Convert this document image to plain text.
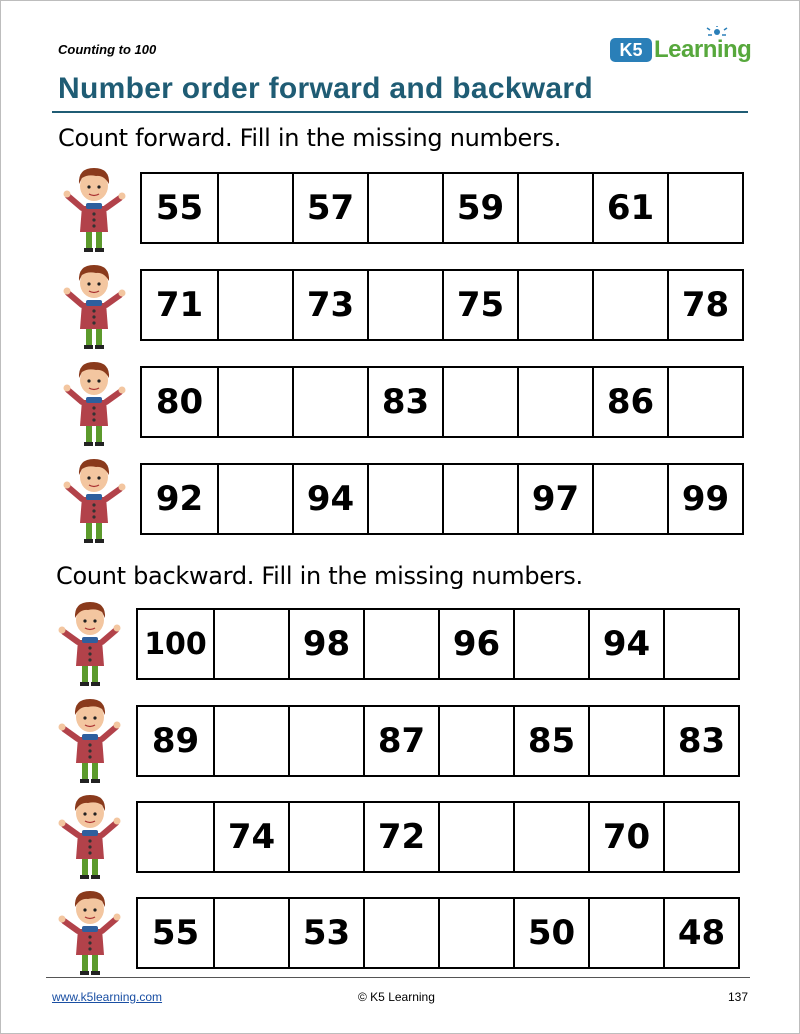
Counting to 100	K5 Learning
Number order forward and backward
Count forward. Fill in the missing numbers.
Count backward. Fill in the missing numbers.
55	57	59	61
71	73	75	78
80	83	86
92	94	97	99
100	98	96	94
89	87	85	83
74	72	70
55	53	50	48
www.k5learning.com	© K5 Learning	137
